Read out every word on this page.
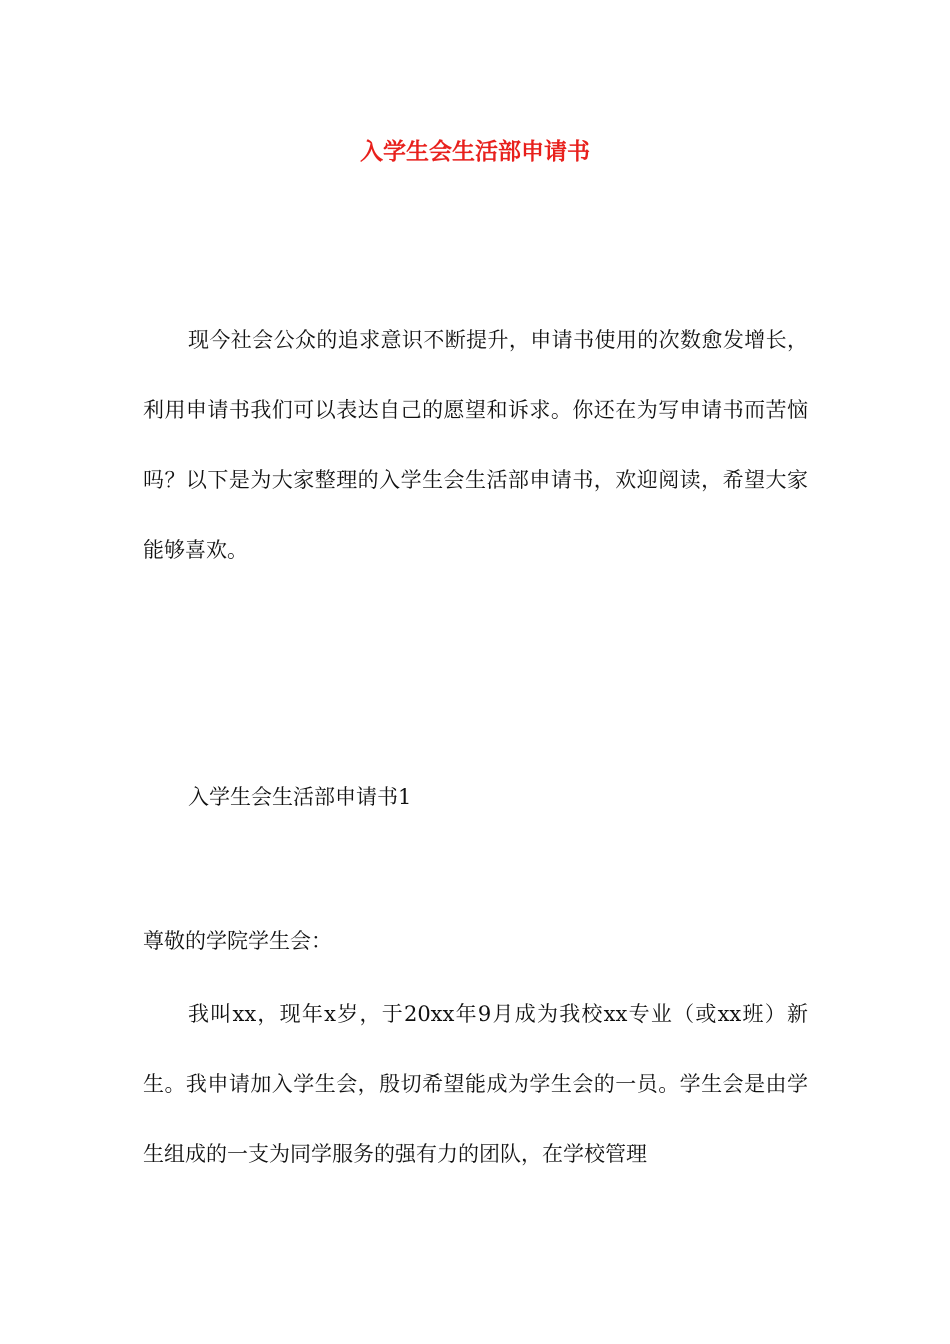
入学生会生活部申请书

现今社会公众的追求意识不断提升，申请书使用的次数愈发增长，利用申请书我们可以表达自己的愿望和诉求。你还在为写申请书而苦恼吗？以下是为大家整理的入学生会生活部申请书，欢迎阅读，希望大家能够喜欢。

入学生会生活部申请书1

尊敬的学院学生会：

我叫xx，现年x岁，于20xx年9月成为我校xx专业（或xx班）新生。我申请加入学生会，殷切希望能成为学生会的一员。学生会是由学生组成的一支为同学服务的强有力的团队，在学校管理
